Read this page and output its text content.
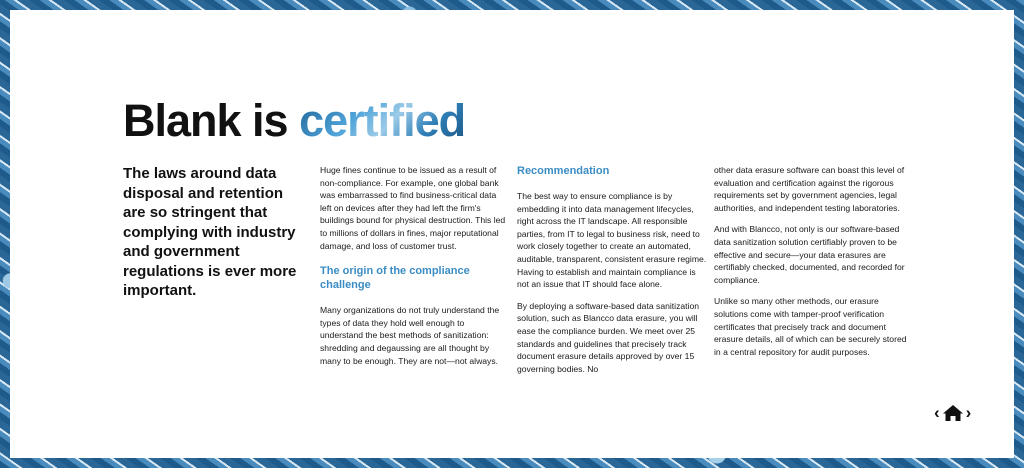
Blank is certified

The laws around data disposal and retention are so stringent that complying with industry and government regulations is ever more important.

Huge fines continue to be issued as a result of non-compliance. For example, one global bank was embarrassed to find business-critical data left on devices after they had left the firm's buildings bound for physical destruction. This led to millions of dollars in fines, major reputational damage, and loss of customer trust.

The origin of the compliance challenge

Many organizations do not truly understand the types of data they hold well enough to understand the best methods of sanitization: shredding and degaussing are all thought by many to be enough. They are not—not always.

Recommendation

The best way to ensure compliance is by embedding it into data management lifecycles, right across the IT landscape. All responsible parties, from IT to legal to business risk, need to work closely together to create an automated, auditable, transparent, consistent erasure regime. Having to establish and maintain compliance is not an issue that IT should face alone.

By deploying a software-based data sanitization solution, such as Blancco data erasure, you will ease the compliance burden. We meet over 25 standards and guidelines that precisely track document erasure details approved by over 15 governing bodies. No

other data erasure software can boast this level of evaluation and certification against the rigorous requirements set by government agencies, legal authorities, and independent testing laboratories.

And with Blancco, not only is our software-based data sanitization solution certifiably proven to be effective and secure—your data erasures are certifiably checked, documented, and recorded for compliance.

Unlike so many other methods, our erasure solutions come with tamper-proof verification certificates that precisely track and document erasure details, all of which can be securely stored in a central repository for audit purposes.

‹ ›
